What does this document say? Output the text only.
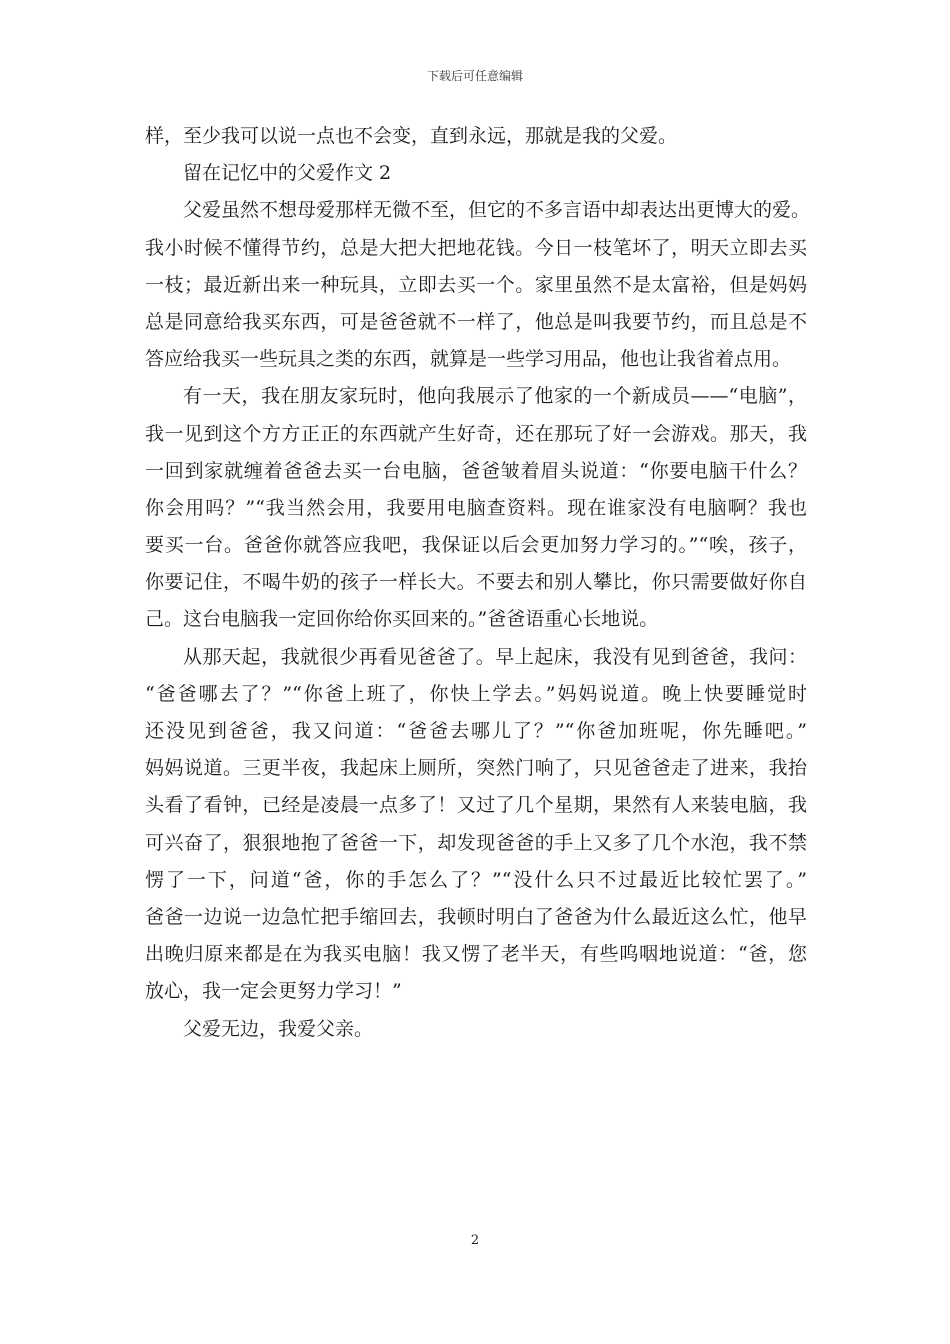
下载后可任意编辑
样，至少我可以说一点也不会变，直到永远，那就是我的父爱。
留在记忆中的父爱作文 2
父爱虽然不想母爱那样无微不至，但它的不多言语中却表达出更博大的爱。
我小时候不懂得节约，总是大把大把地花钱。今日一枝笔坏了，明天立即去买
一枝；最近新出来一种玩具，立即去买一个。家里虽然不是太富裕，但是妈妈
总是同意给我买东西，可是爸爸就不一样了，他总是叫我要节约，而且总是不
答应给我买一些玩具之类的东西，就算是一些学习用品，他也让我省着点用。
有一天，我在朋友家玩时，他向我展示了他家的一个新成员——“电脑”，
我一见到这个方方正正的东西就产生好奇，还在那玩了好一会游戏。那天，我
一回到家就缠着爸爸去买一台电脑，爸爸皱着眉头说道：“你要电脑干什么？
你会用吗？”“我当然会用，我要用电脑查资料。现在谁家没有电脑啊？我也
要买一台。爸爸你就答应我吧，我保证以后会更加努力学习的。”“唉，孩子，
你要记住，不喝牛奶的孩子一样长大。不要去和别人攀比，你只需要做好你自
己。这台电脑我一定回你给你买回来的。”爸爸语重心长地说。
从那天起，我就很少再看见爸爸了。早上起床，我没有见到爸爸，我问：
“爸爸哪去了？”“你爸上班了，你快上学去。”妈妈说道。晚上快要睡觉时
还没见到爸爸，我又问道：“爸爸去哪儿了？”“你爸加班呢，你先睡吧。”
妈妈说道。三更半夜，我起床上厕所，突然门响了，只见爸爸走了进来，我抬
头看了看钟，已经是凌晨一点多了！又过了几个星期，果然有人来装电脑，我
可兴奋了，狠狠地抱了爸爸一下，却发现爸爸的手上又多了几个水泡，我不禁
愣了一下，问道“爸，你的手怎么了？”“没什么只不过最近比较忙罢了。”
爸爸一边说一边急忙把手缩回去，我顿时明白了爸爸为什么最近这么忙，他早
出晚归原来都是在为我买电脑！我又愣了老半天，有些呜咽地说道：“爸，您
放心，我一定会更努力学习！”
父爱无边，我爱父亲。
2
